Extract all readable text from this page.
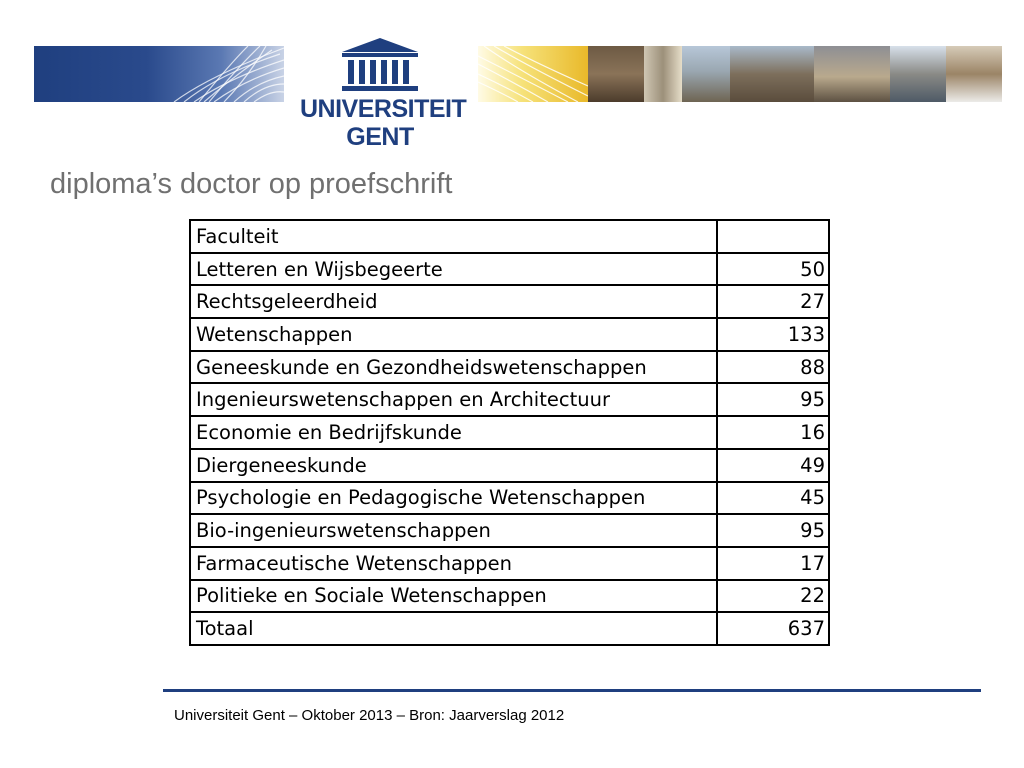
UNIVERSITEIT
GENT
diploma’s doctor op proefschrift
Faculteit	
Letteren en Wijsbegeerte	50
Rechtsgeleerdheid	27
Wetenschappen	133
Geneeskunde en Gezondheidswetenschappen	88
Ingenieurswetenschappen en Architectuur	95
Economie en Bedrijfskunde	16
Diergeneeskunde	49
Psychologie en Pedagogische Wetenschappen	45
Bio-ingenieurswetenschappen	95
Farmaceutische Wetenschappen	17
Politieke en Sociale Wetenschappen	22
Totaal	637
Universiteit Gent – Oktober 2013 – Bron: Jaarverslag 2012
